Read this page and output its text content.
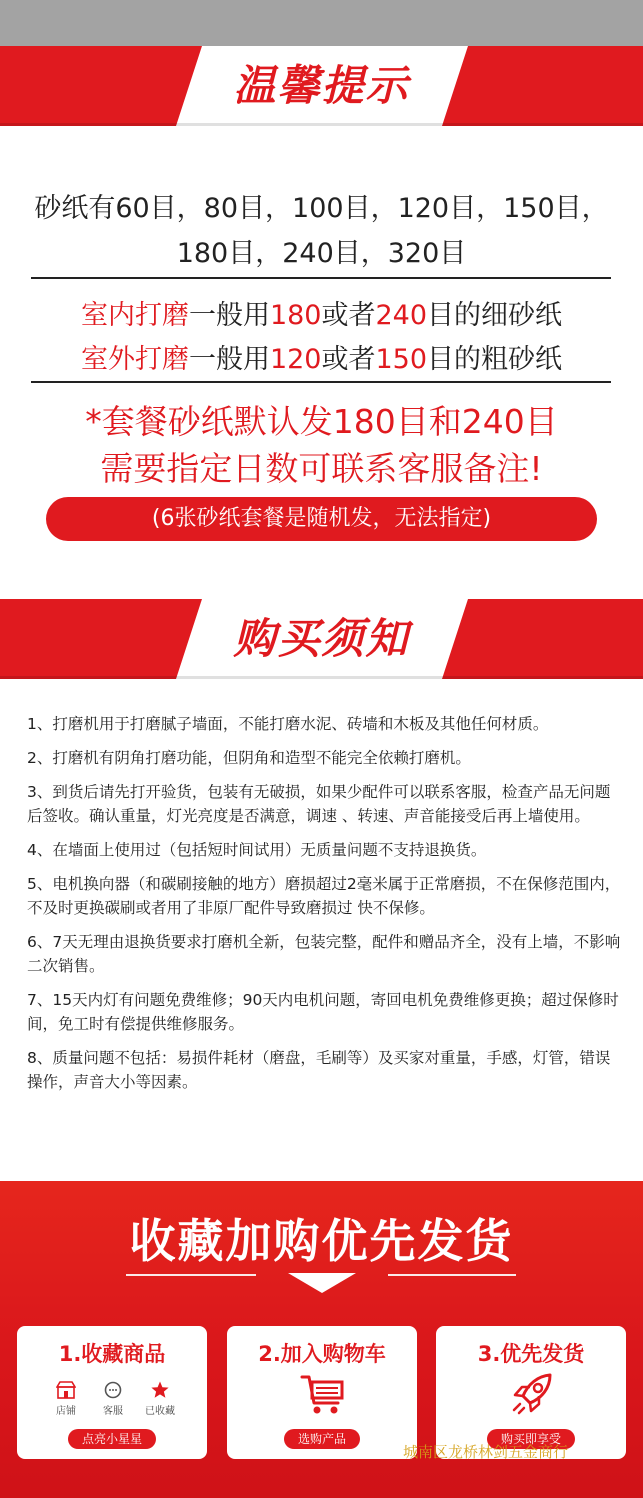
温馨提示
砂纸有60目，80目，100目，120目，150目，
180目，240目，320目
室内打磨一般用180或者240目的细砂纸
室外打磨一般用120或者150目的粗砂纸
*套餐砂纸默认发180目和240目
需要指定日数可联系客服备注!
(6张砂纸套餐是随机发，无法指定)
购买须知
1、打磨机用于打磨腻子墙面，不能打磨水泥、砖墙和木板及其他任何材质。
2、打磨机有阴角打磨功能，但阴角和造型不能完全依赖打磨机。
3、到货后请先打开验货，包装有无破损，如果少配件可以联系客服，检查产品无问题后签收。确认重量，灯光亮度是否满意，调速 、转速、声音能接受后再上墙使用。
4、在墙面上使用过（包括短时间试用）无质量问题不支持退换货。
5、电机换向器（和碳刷接触的地方）磨损超过2毫米属于正常磨损，不在保修范围内，不及时更换碳刷或者用了非原厂配件导致磨损过 快不保修。
6、7天无理由退换货要求打磨机全新，包装完整，配件和赠品齐全，没有上墙，不影响二次销售。
7、15天内灯有问题免费维修；90天内电机问题，寄回电机免费维修更换；超过保修时间，免工时有偿提供维修服务。
8、质量问题不包括：易损件耗材（磨盘，毛刷等）及买家对重量，手感，灯管，错误操作，声音大小等因素。
收藏加购优先发货
1.收藏商品
店铺	客服	已收藏
点亮小星星
2.加入购物车
选购产品
3.优先发货
购买即享受
城南区龙桥林剑五金商行
